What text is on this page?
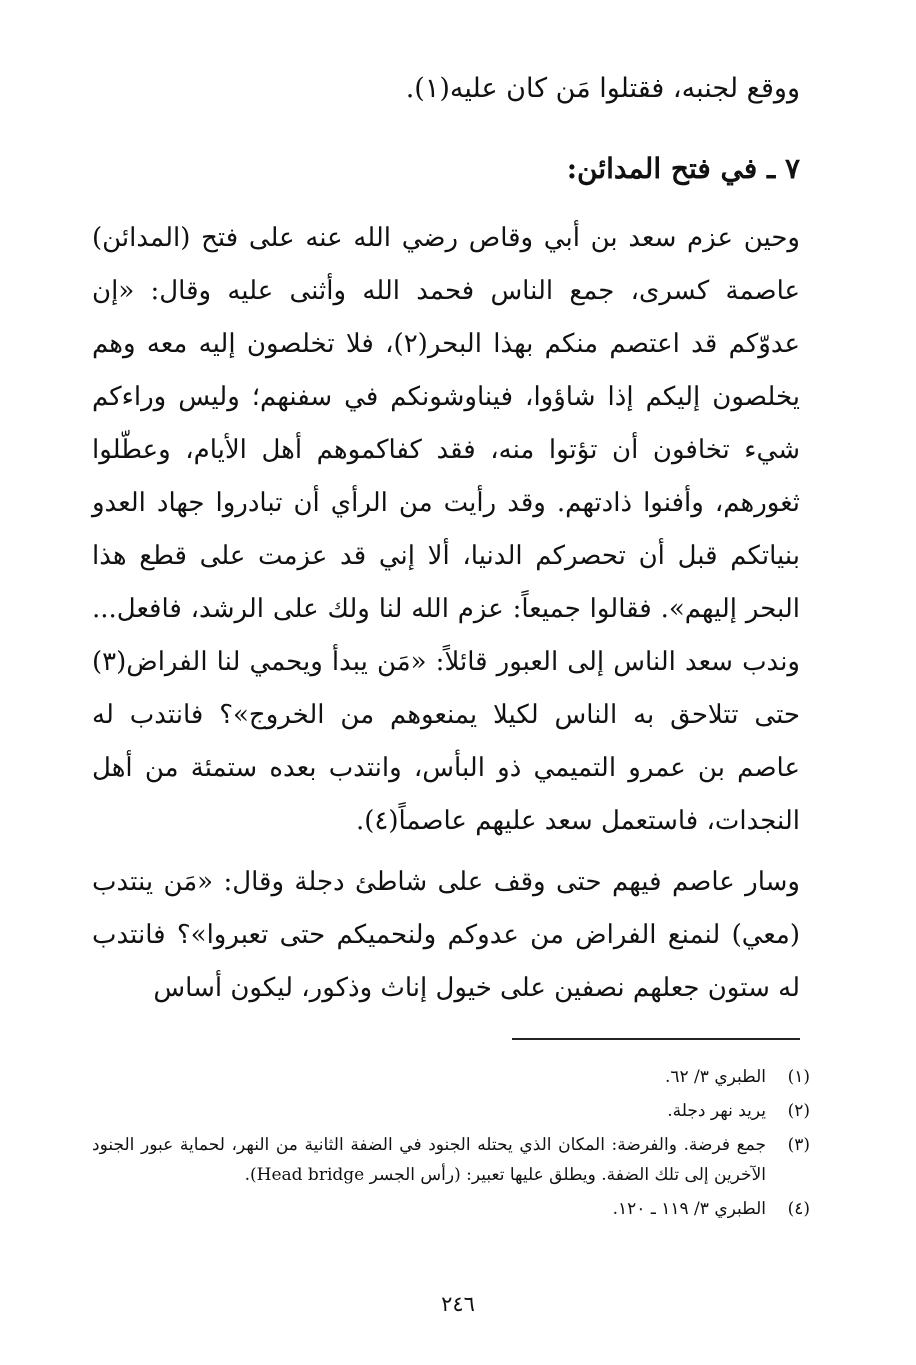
ووقع لجنبه، فقتلوا مَن كان عليه(١).

٧ ـ في فتح المدائن:

وحين عزم سعد بن أبي وقاص رضي الله عنه على فتح (المدائن) عاصمة كسرى، جمع الناس فحمد الله وأثنى عليه وقال: «إن عدوّكم قد اعتصم منكم بهذا البحر(٢)، فلا تخلصون إليه معه وهم يخلصون إليكم إذا شاؤوا، فيناوشونكم في سفنهم؛ وليس وراءكم شيء تخافون أن تؤتوا منه، فقد كفاكموهم أهل الأيام، وعطّلوا ثغورهم، وأفنوا ذادتهم. وقد رأيت من الرأي أن تبادروا جهاد العدو بنياتكم قبل أن تحصركم الدنيا، ألا إني قد عزمت على قطع هذا البحر إليهم». فقالوا جميعاً: عزم الله لنا ولك على الرشد، فافعل... وندب سعد الناس إلى العبور قائلاً: «مَن يبدأ ويحمي لنا الفراض(٣) حتى تتلاحق به الناس لكيلا يمنعوهم من الخروج»؟ فانتدب له عاصم بن عمرو التميمي ذو البأس، وانتدب بعده ستمئة من أهل النجدات، فاستعمل سعد عليهم عاصماً(٤).

وسار عاصم فيهم حتى وقف على شاطئ دجلة وقال: «مَن ينتدب (معي) لنمنع الفراض من عدوكم ولنحميكم حتى تعبروا»؟ فانتدب له ستون جعلهم نصفين على خيول إناث وذكور، ليكون أساس

(١)
الطبري ٣/ ٦٢.
(٢)
يريد نهر دجلة.
(٣)
جمع فرضة. والفرضة: المكان الذي يحتله الجنود في الضفة الثانية من النهر، لحماية عبور الجنود الآخرين إلى تلك الضفة. ويطلق عليها تعبير: (رأس الجسر Head bridge).
(٤)
الطبري ٣/ ١١٩ ـ ١٢٠.
٢٤٦
